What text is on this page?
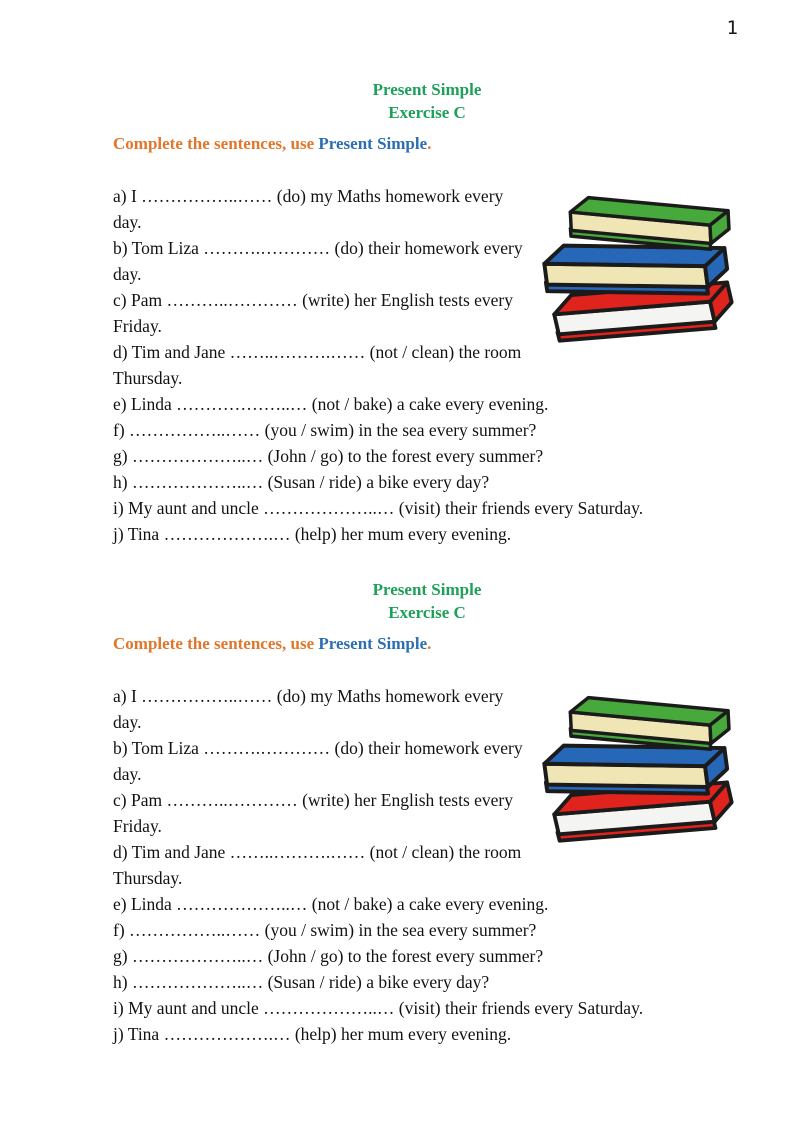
1
Present Simple
Exercise C

Complete the sentences, use Present Simple.

a) I ……………..…… (do) my Maths homework every day.

b) Tom Liza ……….………… (do) their homework every day.

c) Pam ………..………… (write) her English tests every Friday.

d) Tim and Jane ……..……….…… (not / clean) the room Thursday.

e) Linda ………………..… (not / bake) a cake every evening.

f) ……………..…… (you / swim) in the sea every summer?

g) ………………..… (John / go) to the forest every summer?

h) ………………..… (Susan / ride) a bike every day?

i) My aunt and uncle ………………..… (visit) their friends every Saturday.

j) Tina ……………….… (help) her mum every evening.

Present Simple
Exercise C

Complete the sentences, use Present Simple.

a) I ……………..…… (do) my Maths homework every day.

b) Tom Liza ……….………… (do) their homework every day.

c) Pam ………..………… (write) her English tests every Friday.

d) Tim and Jane ……..……….…… (not / clean) the room Thursday.

e) Linda ………………..… (not / bake) a cake every evening.

f) ……………..…… (you / swim) in the sea every summer?

g) ………………..… (John / go) to the forest every summer?

h) ………………..… (Susan / ride) a bike every day?

i) My aunt and uncle ………………..… (visit) their friends every Saturday.

j) Tina ……………….… (help) her mum every evening.
